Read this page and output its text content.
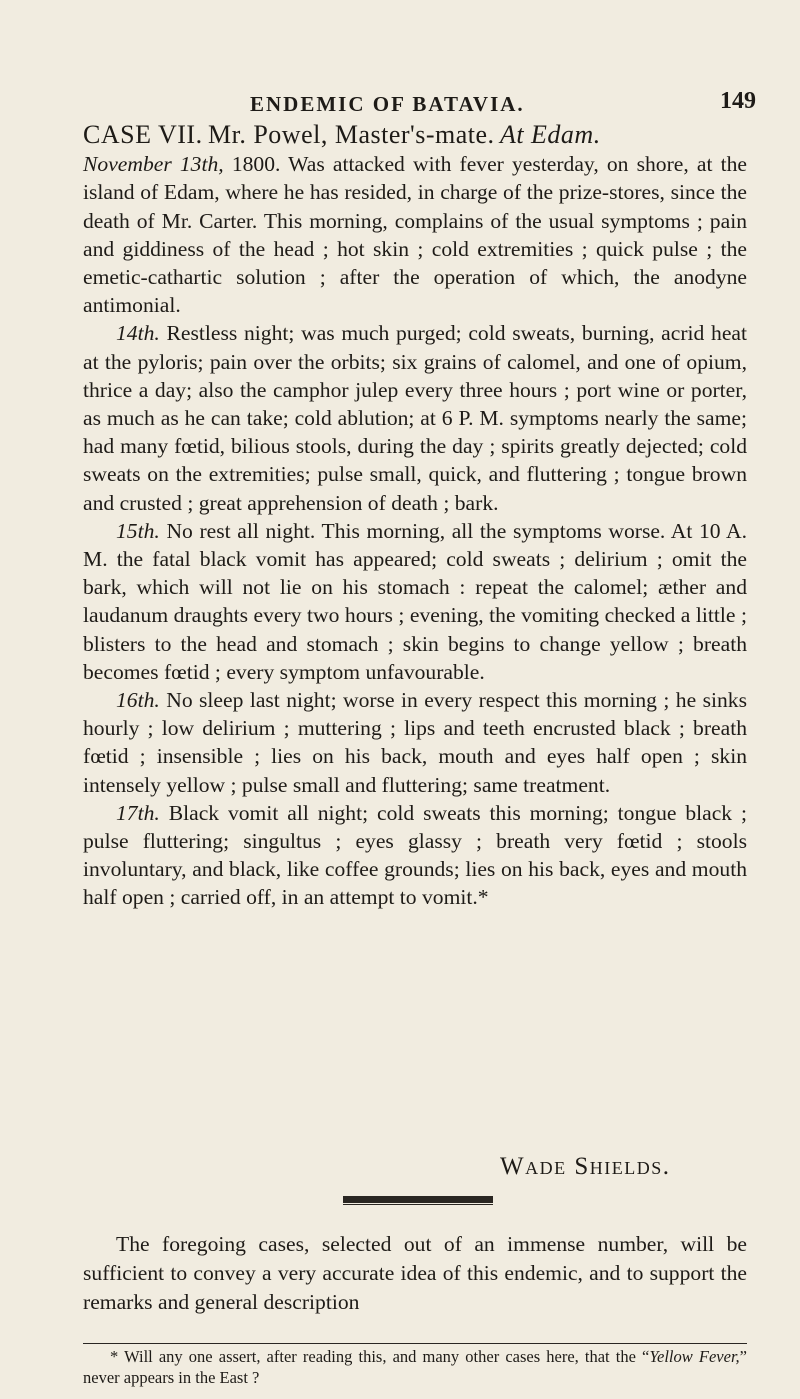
ENDEMIC OF BATAVIA.	149

CASE VII. Mr. Powel, Master's-mate. At Edam.
November 13th, 1800. Was attacked with fever yesterday, on shore, at the island of Edam, where he has resided, in charge of the prize-stores, since the death of Mr. Carter. This morning, complains of the usual symptoms ; pain and giddiness of the head ; hot skin ; cold extremities ; quick pulse ; the emetic-cathartic solution ; after the operation of which, the anodyne antimonial.

14th. Restless night; was much purged; cold sweats, burning, acrid heat at the pyloris; pain over the orbits; six grains of calomel, and one of opium, thrice a day; also the camphor julep every three hours ; port wine or porter, as much as he can take; cold ablution; at 6 P. M. symptoms nearly the same; had many fœtid, bilious stools, during the day ; spirits greatly dejected; cold sweats on the extremities; pulse small, quick, and fluttering ; tongue brown and crusted ; great apprehension of death ; bark.

15th. No rest all night. This morning, all the symptoms worse. At 10 A. M. the fatal black vomit has appeared; cold sweats ; delirium ; omit the bark, which will not lie on his stomach : repeat the calomel; æther and laudanum draughts every two hours ; evening, the vomiting checked a little ; blisters to the head and stomach ; skin begins to change yellow ; breath becomes fœtid ; every symptom unfavourable.

16th. No sleep last night; worse in every respect this morning ; he sinks hourly ; low delirium ; muttering ; lips and teeth encrusted black ; breath fœtid ; insensible ; lies on his back, mouth and eyes half open ; skin intensely yellow ; pulse small and fluttering; same treatment.

17th. Black vomit all night; cold sweats this morning; tongue black ; pulse fluttering; singultus ; eyes glassy ; breath very fœtid ; stools involuntary, and black, like coffee grounds; lies on his back, eyes and mouth half open ; carried off, in an attempt to vomit.*

Wade Shields.

The foregoing cases, selected out of an immense number, will be sufficient to convey a very accurate idea of this endemic, and to support the remarks and general description

* Will any one assert, after reading this, and many other cases here, that the “Yellow Fever,” never appears in the East ?
